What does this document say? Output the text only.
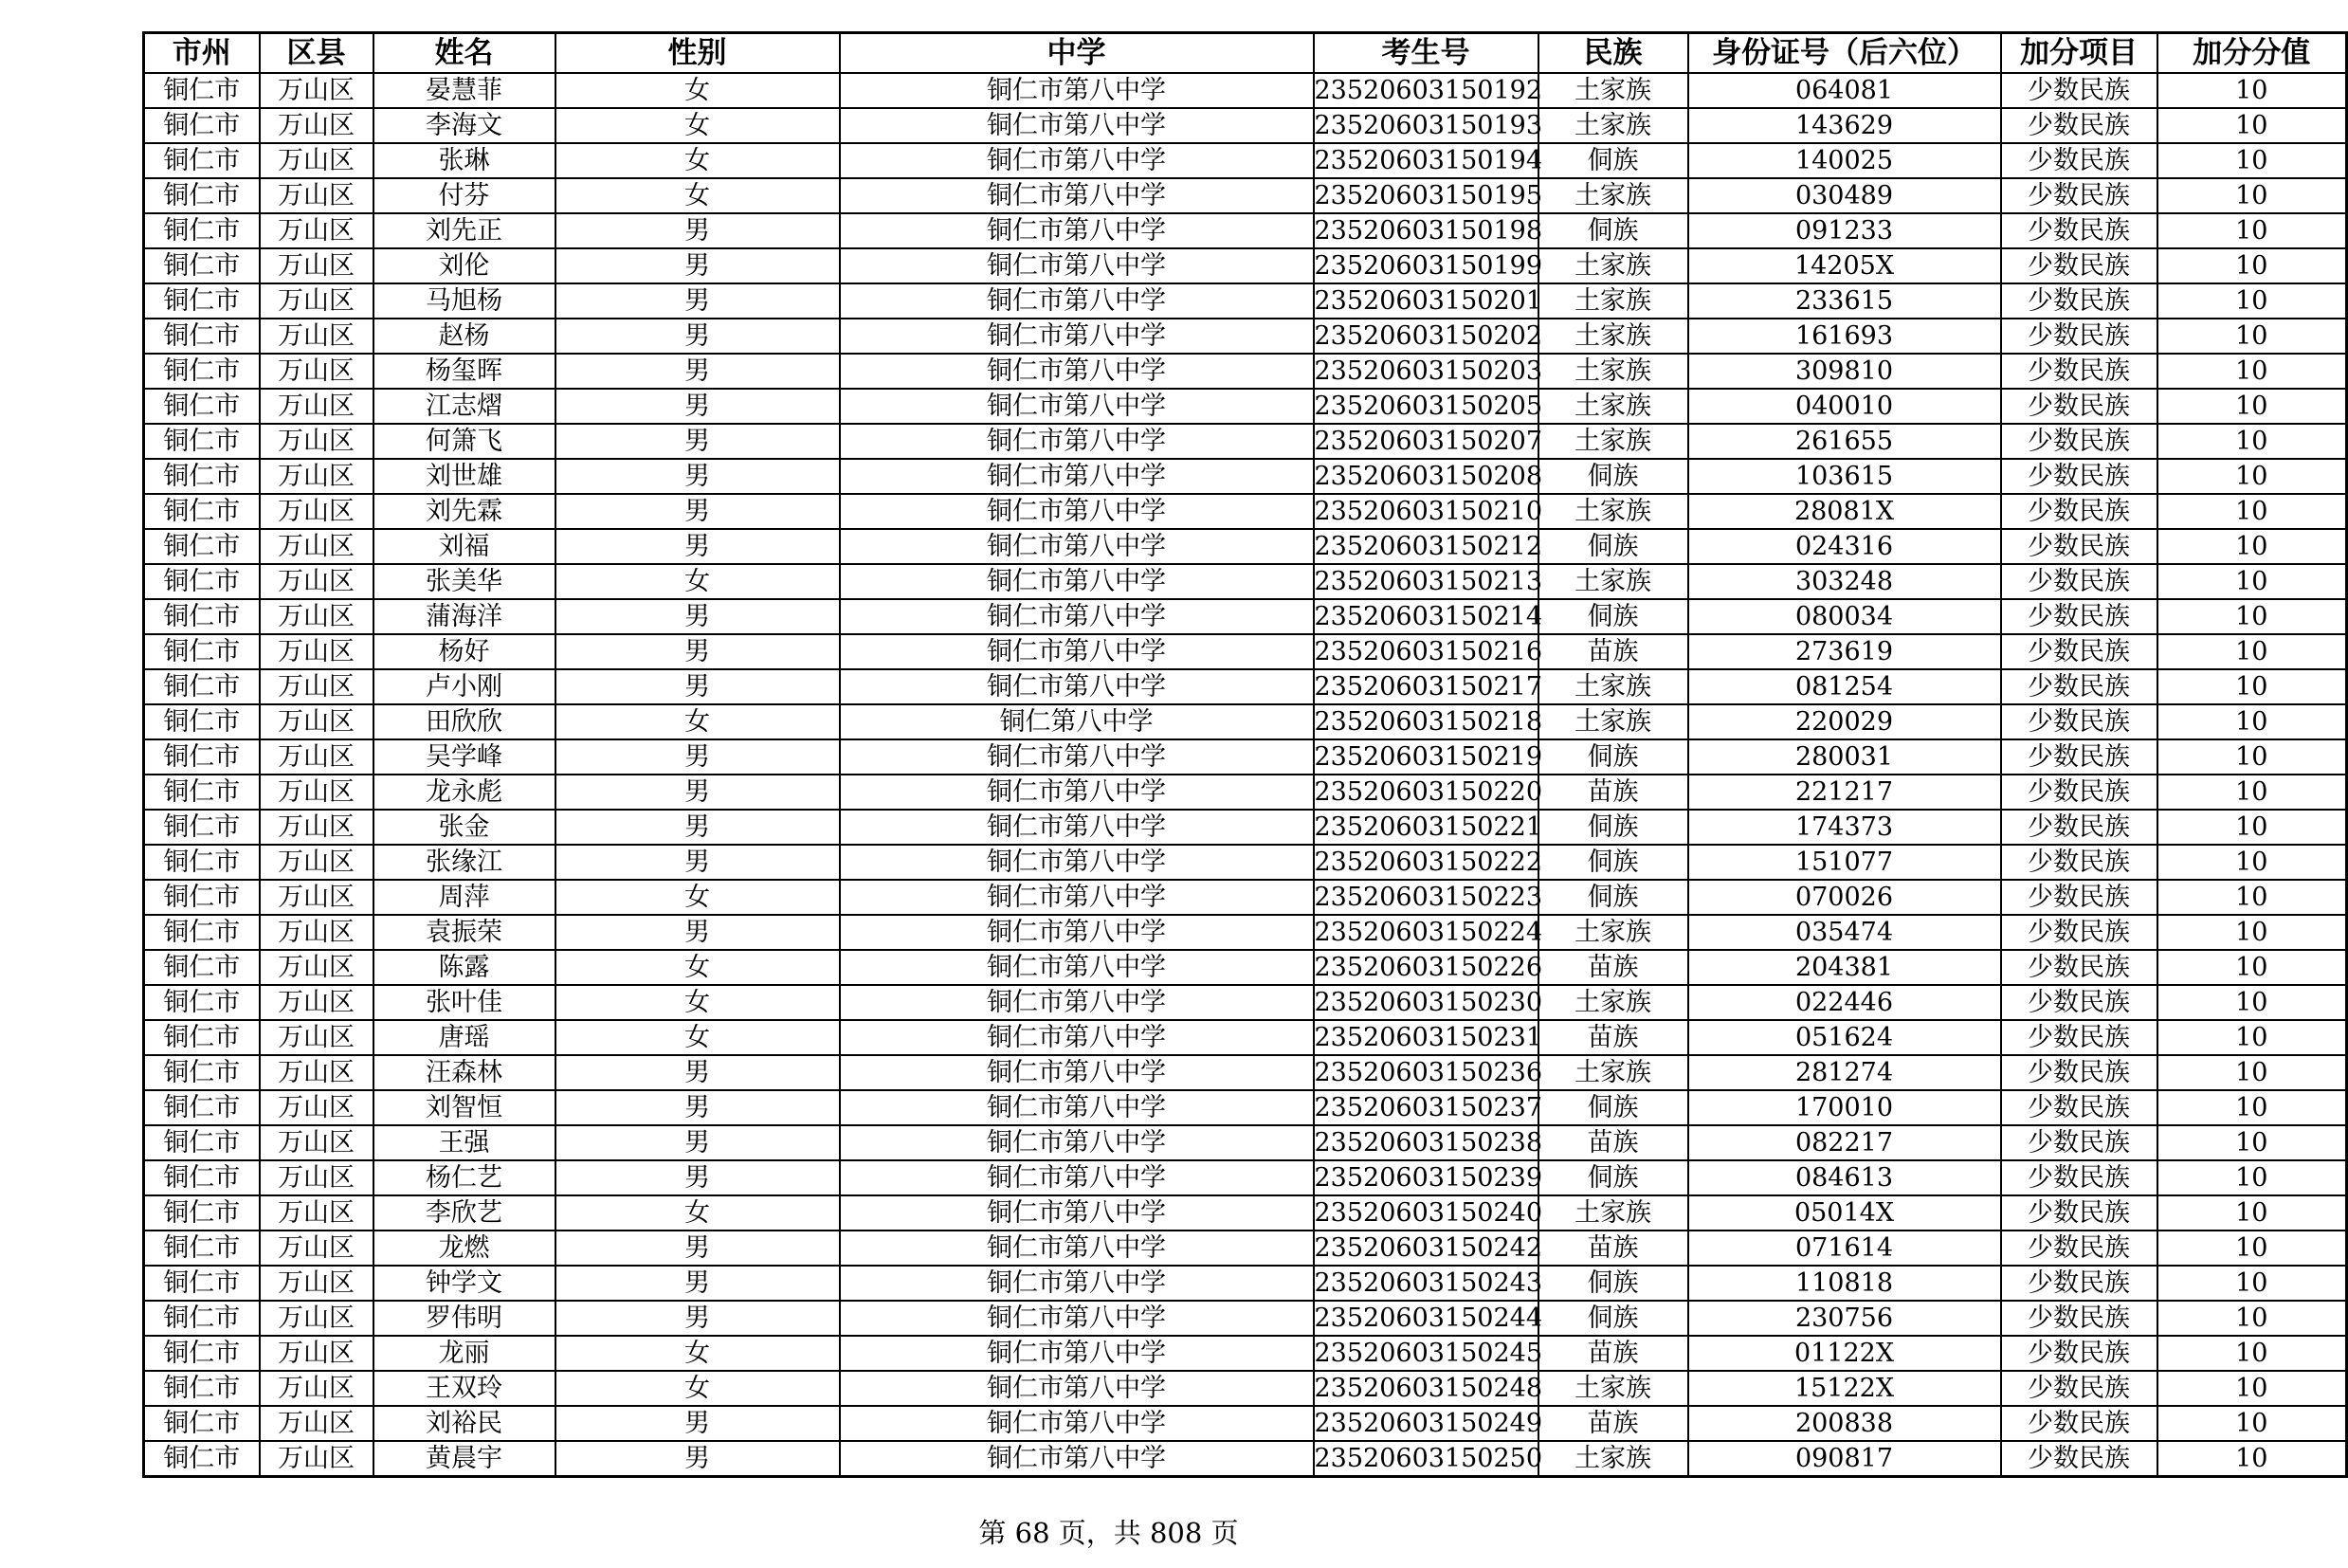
市州	区县	姓名	性别	中学	考生号	民族	身份证号（后六位）	加分项目	加分分值
铜仁市	万山区	晏慧菲	女	铜仁市第八中学	23520603150192	土家族	064081	少数民族	10
铜仁市	万山区	李海文	女	铜仁市第八中学	23520603150193	土家族	143629	少数民族	10
铜仁市	万山区	张琳	女	铜仁市第八中学	23520603150194	侗族	140025	少数民族	10
铜仁市	万山区	付芬	女	铜仁市第八中学	23520603150195	土家族	030489	少数民族	10
铜仁市	万山区	刘先正	男	铜仁市第八中学	23520603150198	侗族	091233	少数民族	10
铜仁市	万山区	刘伦	男	铜仁市第八中学	23520603150199	土家族	14205X	少数民族	10
铜仁市	万山区	马旭杨	男	铜仁市第八中学	23520603150201	土家族	233615	少数民族	10
铜仁市	万山区	赵杨	男	铜仁市第八中学	23520603150202	土家族	161693	少数民族	10
铜仁市	万山区	杨玺晖	男	铜仁市第八中学	23520603150203	土家族	309810	少数民族	10
铜仁市	万山区	江志熠	男	铜仁市第八中学	23520603150205	土家族	040010	少数民族	10
铜仁市	万山区	何箫飞	男	铜仁市第八中学	23520603150207	土家族	261655	少数民族	10
铜仁市	万山区	刘世雄	男	铜仁市第八中学	23520603150208	侗族	103615	少数民族	10
铜仁市	万山区	刘先霖	男	铜仁市第八中学	23520603150210	土家族	28081X	少数民族	10
铜仁市	万山区	刘福	男	铜仁市第八中学	23520603150212	侗族	024316	少数民族	10
铜仁市	万山区	张美华	女	铜仁市第八中学	23520603150213	土家族	303248	少数民族	10
铜仁市	万山区	蒲海洋	男	铜仁市第八中学	23520603150214	侗族	080034	少数民族	10
铜仁市	万山区	杨好	男	铜仁市第八中学	23520603150216	苗族	273619	少数民族	10
铜仁市	万山区	卢小刚	男	铜仁市第八中学	23520603150217	土家族	081254	少数民族	10
铜仁市	万山区	田欣欣	女	铜仁第八中学	23520603150218	土家族	220029	少数民族	10
铜仁市	万山区	吴学峰	男	铜仁市第八中学	23520603150219	侗族	280031	少数民族	10
铜仁市	万山区	龙永彪	男	铜仁市第八中学	23520603150220	苗族	221217	少数民族	10
铜仁市	万山区	张金	男	铜仁市第八中学	23520603150221	侗族	174373	少数民族	10
铜仁市	万山区	张缘江	男	铜仁市第八中学	23520603150222	侗族	151077	少数民族	10
铜仁市	万山区	周萍	女	铜仁市第八中学	23520603150223	侗族	070026	少数民族	10
铜仁市	万山区	袁振荣	男	铜仁市第八中学	23520603150224	土家族	035474	少数民族	10
铜仁市	万山区	陈露	女	铜仁市第八中学	23520603150226	苗族	204381	少数民族	10
铜仁市	万山区	张叶佳	女	铜仁市第八中学	23520603150230	土家族	022446	少数民族	10
铜仁市	万山区	唐瑶	女	铜仁市第八中学	23520603150231	苗族	051624	少数民族	10
铜仁市	万山区	汪森林	男	铜仁市第八中学	23520603150236	土家族	281274	少数民族	10
铜仁市	万山区	刘智恒	男	铜仁市第八中学	23520603150237	侗族	170010	少数民族	10
铜仁市	万山区	王强	男	铜仁市第八中学	23520603150238	苗族	082217	少数民族	10
铜仁市	万山区	杨仁艺	男	铜仁市第八中学	23520603150239	侗族	084613	少数民族	10
铜仁市	万山区	李欣艺	女	铜仁市第八中学	23520603150240	土家族	05014X	少数民族	10
铜仁市	万山区	龙燃	男	铜仁市第八中学	23520603150242	苗族	071614	少数民族	10
铜仁市	万山区	钟学文	男	铜仁市第八中学	23520603150243	侗族	110818	少数民族	10
铜仁市	万山区	罗伟明	男	铜仁市第八中学	23520603150244	侗族	230756	少数民族	10
铜仁市	万山区	龙丽	女	铜仁市第八中学	23520603150245	苗族	01122X	少数民族	10
铜仁市	万山区	王双玲	女	铜仁市第八中学	23520603150248	土家族	15122X	少数民族	10
铜仁市	万山区	刘裕民	男	铜仁市第八中学	23520603150249	苗族	200838	少数民族	10
铜仁市	万山区	黄晨宇	男	铜仁市第八中学	23520603150250	土家族	090817	少数民族	10
第 68 页，共 808 页
